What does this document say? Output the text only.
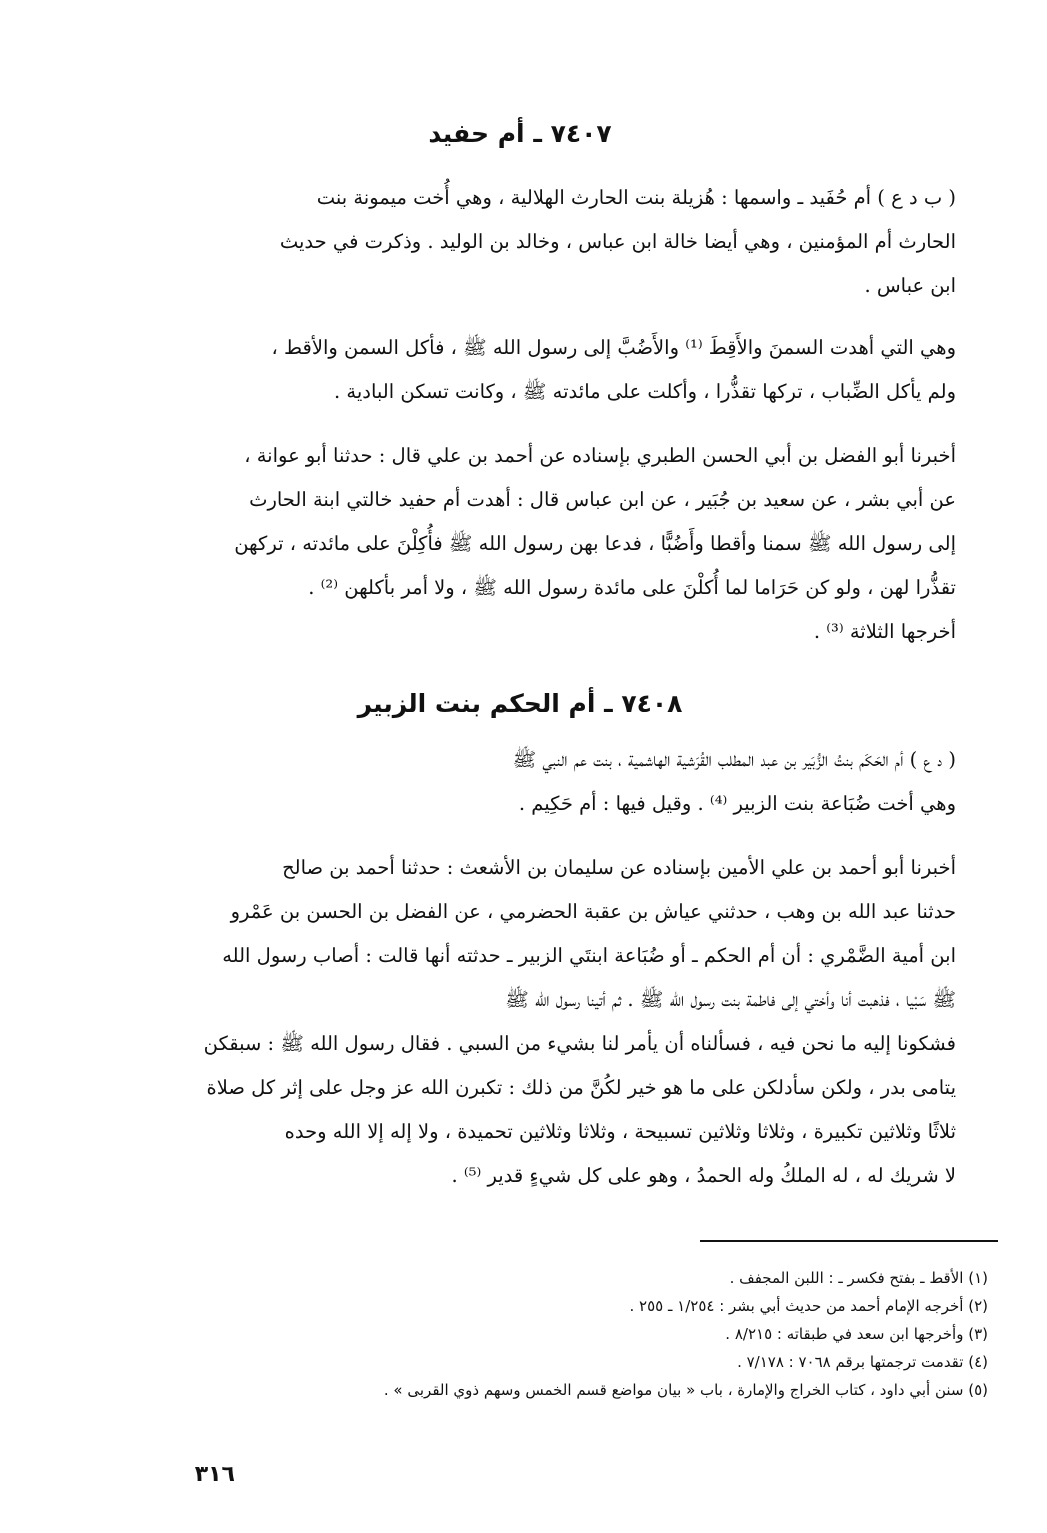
٧٤٠٧ ـ أم حفيد
( ب د ع ) أم حُفَيد ـ واسمها : هُزيلة بنت الحارث الهلالية ، وهي أُخت ميمونة بنت
الحارث أم المؤمنين ، وهي أيضا خالة ابن عباس ، وخالد بن الوليد . وذكرت في حديث
ابن عباس .
وهي التي أهدت السمنَ والأَقِطَ ⁽¹⁾ والأَضُبَّ إلى رسول الله ﷺ ، فأكل السمن والأقط ،
ولم يأكل الضِّباب ، تركها تقذُّرا ، وأكلت على مائدته ﷺ ، وكانت تسكن البادية .
أخبرنا أبو الفضل بن أبي الحسن الطبري بإسناده عن أحمد بن علي قال : حدثنا أبو عوانة ،
عن أبي بشر ، عن سعيد بن جُبَير ، عن ابن عباس قال : أهدت أم حفيد خالتي ابنة الحارث
إلى رسول الله ﷺ سمنا وأقطا وأَضُبًّا ، فدعا بهن رسول الله ﷺ فأُكِلْنَ على مائدته ، تركهن
تقذُّرا لهن ، ولو كن حَرَاما لما أُكلْنَ على مائدة رسول الله ﷺ ، ولا أمر بأكلهن ⁽²⁾ .
أخرجها الثلاثة ⁽³⁾ .
٧٤٠٨ ـ أم الحكم بنت الزبير
( د ع ) أم الحَكَم بنتُ الزُّبَير بن عبد المطلب القُرَشية الهاشمية ، بنت عم النبي ﷺ
وهي أخت ضُبَاعة بنت الزبير ⁽⁴⁾ . وقيل فيها : أم حَكِيم .
أخبرنا أبو أحمد بن علي الأمين بإسناده عن سليمان بن الأشعث : حدثنا أحمد بن صالح
حدثنا عبد الله بن وهب ، حدثني عياش بن عقبة الحضرمي ، عن الفضل بن الحسن بن عَمْرو
ابن أمية الضَّمْري : أن أم الحكم ـ أو ضُبَاعة ابنتَي الزبير ـ حدثته أنها قالت : أصاب رسول الله
ﷺ سَبْيا ، فذهبت أنا وأختي إلى فاطمة بنت رسول الله ﷺ . ثم أتينا رسول الله ﷺ
فشكونا إليه ما نحن فيه ، فسألناه أن يأمر لنا بشيء من السبي . فقال رسول الله ﷺ : سبقكن
يتامى بدر ، ولكن سأدلكن على ما هو خير لكُنَّ من ذلك : تكبرن الله عز وجل على إثر كل صلاة
ثلاثًا وثلاثين تكبيرة ، وثلاثا وثلاثين تسبيحة ، وثلاثا وثلاثين تحميدة ، ولا إله إلا الله وحده
لا شريك له ، له الملكُ وله الحمدُ ، وهو على كل شيءٍ قدير ⁽⁵⁾ .
(١) الأقط ـ بفتح فكسر ـ : اللبن المجفف .
(٢) أخرجه الإمام أحمد من حديث أبي بشر : ١/٢٥٤ ـ ٢٥٥ .
(٣) وأخرجها ابن سعد في طبقاته : ٨/٢١٥ .
(٤) تقدمت ترجمتها برقم ٧٠٦٨ : ٧/١٧٨ .
(٥) سنن أبي داود ، كتاب الخراج والإمارة ، باب « بيان مواضع قسم الخمس وسهم ذوي القربى » .
٣١٦
